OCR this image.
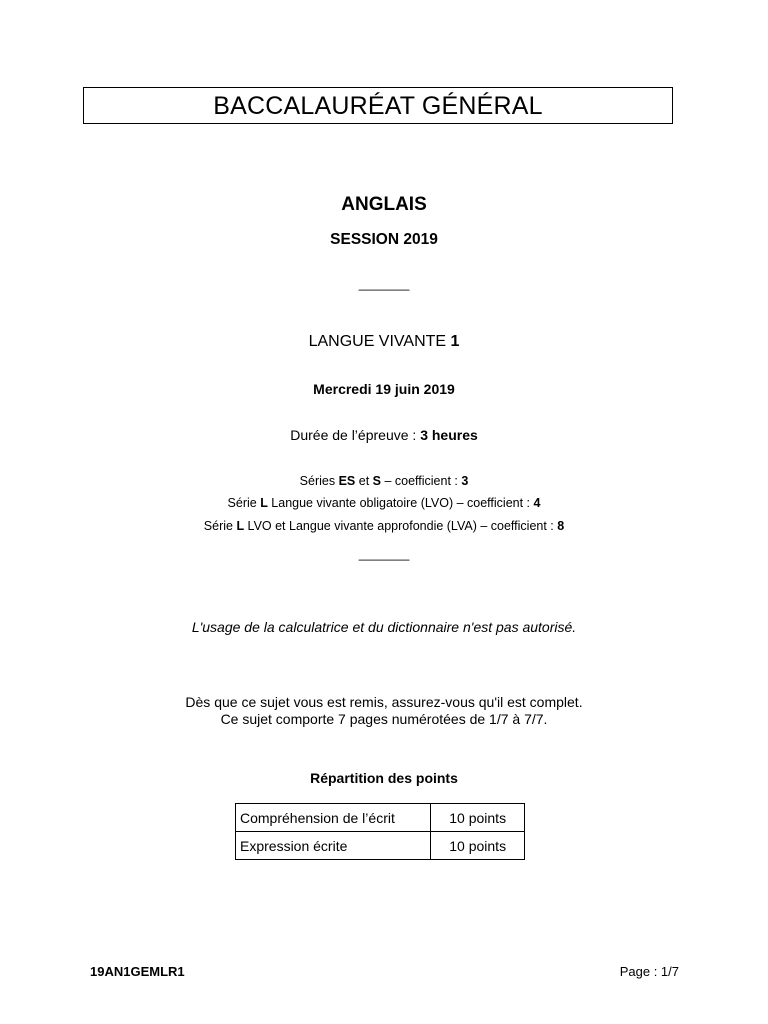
BACCALAURÉAT GÉNÉRAL
ANGLAIS
SESSION 2019
_______
LANGUE VIVANTE 1
Mercredi 19 juin 2019
Durée de l’épreuve : 3 heures
Séries ES et S – coefficient : 3
Série L Langue vivante obligatoire (LVO) – coefficient : 4
Série L LVO et Langue vivante approfondie (LVA) – coefficient : 8
_______
L'usage de la calculatrice et du dictionnaire n'est pas autorisé.
Dès que ce sujet vous est remis, assurez-vous qu'il est complet.
Ce sujet comporte 7 pages numérotées de 1/7 à 7/7.
Répartition des points
Compréhension de l’écrit	10 points
Expression écrite	10 points
19AN1GEMLR1	Page : 1/7
